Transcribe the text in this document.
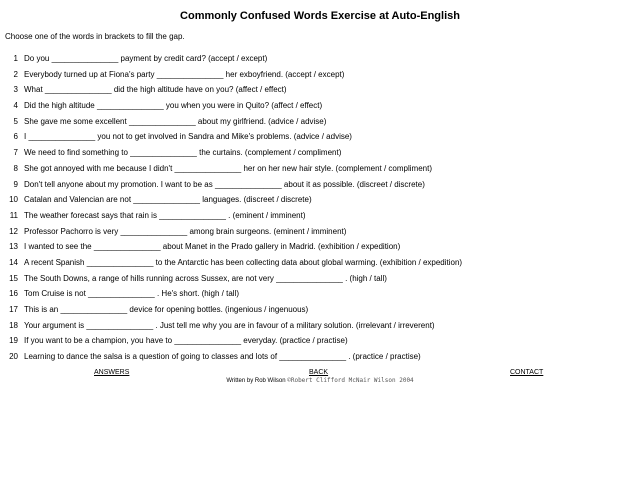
Commonly Confused Words Exercise at Auto-English
Choose one of the words in brackets to fill the gap.
1 Do you _______________ payment by credit card? (accept / except)
2 Everybody turned up at Fiona's party _______________ her exboyfriend. (accept / except)
3 What _______________ did the high altitude have on you? (affect / effect)
4 Did the high altitude _______________ you when you were in Quito? (affect / effect)
5 She gave me some excellent _______________ about my girlfriend. (advice / advise)
6 I _______________ you not to get involved in Sandra and Mike's problems. (advice / advise)
7 We need to find something to _______________ the curtains. (complement / compliment)
8 She got annoyed with me because I didn't _______________ her on her new hair style. (complement / compliment)
9 Don't tell anyone about my promotion. I want to be as _______________ about it as possible. (discreet / discrete)
10 Catalan and Valencian are not _______________ languages. (discreet / discrete)
11 The weather forecast says that rain is _______________ . (eminent / imminent)
12 Professor Pachorro is very _______________ among brain surgeons. (eminent / imminent)
13 I wanted to see the _______________ about Manet in the Prado gallery in Madrid. (exhibition / expedition)
14 A recent Spanish _______________ to the Antarctic has been collecting data about global warming. (exhibition / expedition)
15 The South Downs, a range of hills running across Sussex, are not very _______________ . (high / tall)
16 Tom Cruise is not _______________ . He's short. (high / tall)
17 This is an _______________ device for opening bottles. (ingenious / ingenuous)
18 Your argument is _______________ . Just tell me why you are in favour of a military solution. (irrelevant / irreverent)
19 If you want to be a champion, you have to _______________ everyday. (practice / practise)
20 Learning to dance the salsa is a question of going to classes and lots of _______________ . (practice / practise)
ANSWERS	BACK	CONTACT
Written by Rob Wilson ©Robert Clifford McNair Wilson 2004
